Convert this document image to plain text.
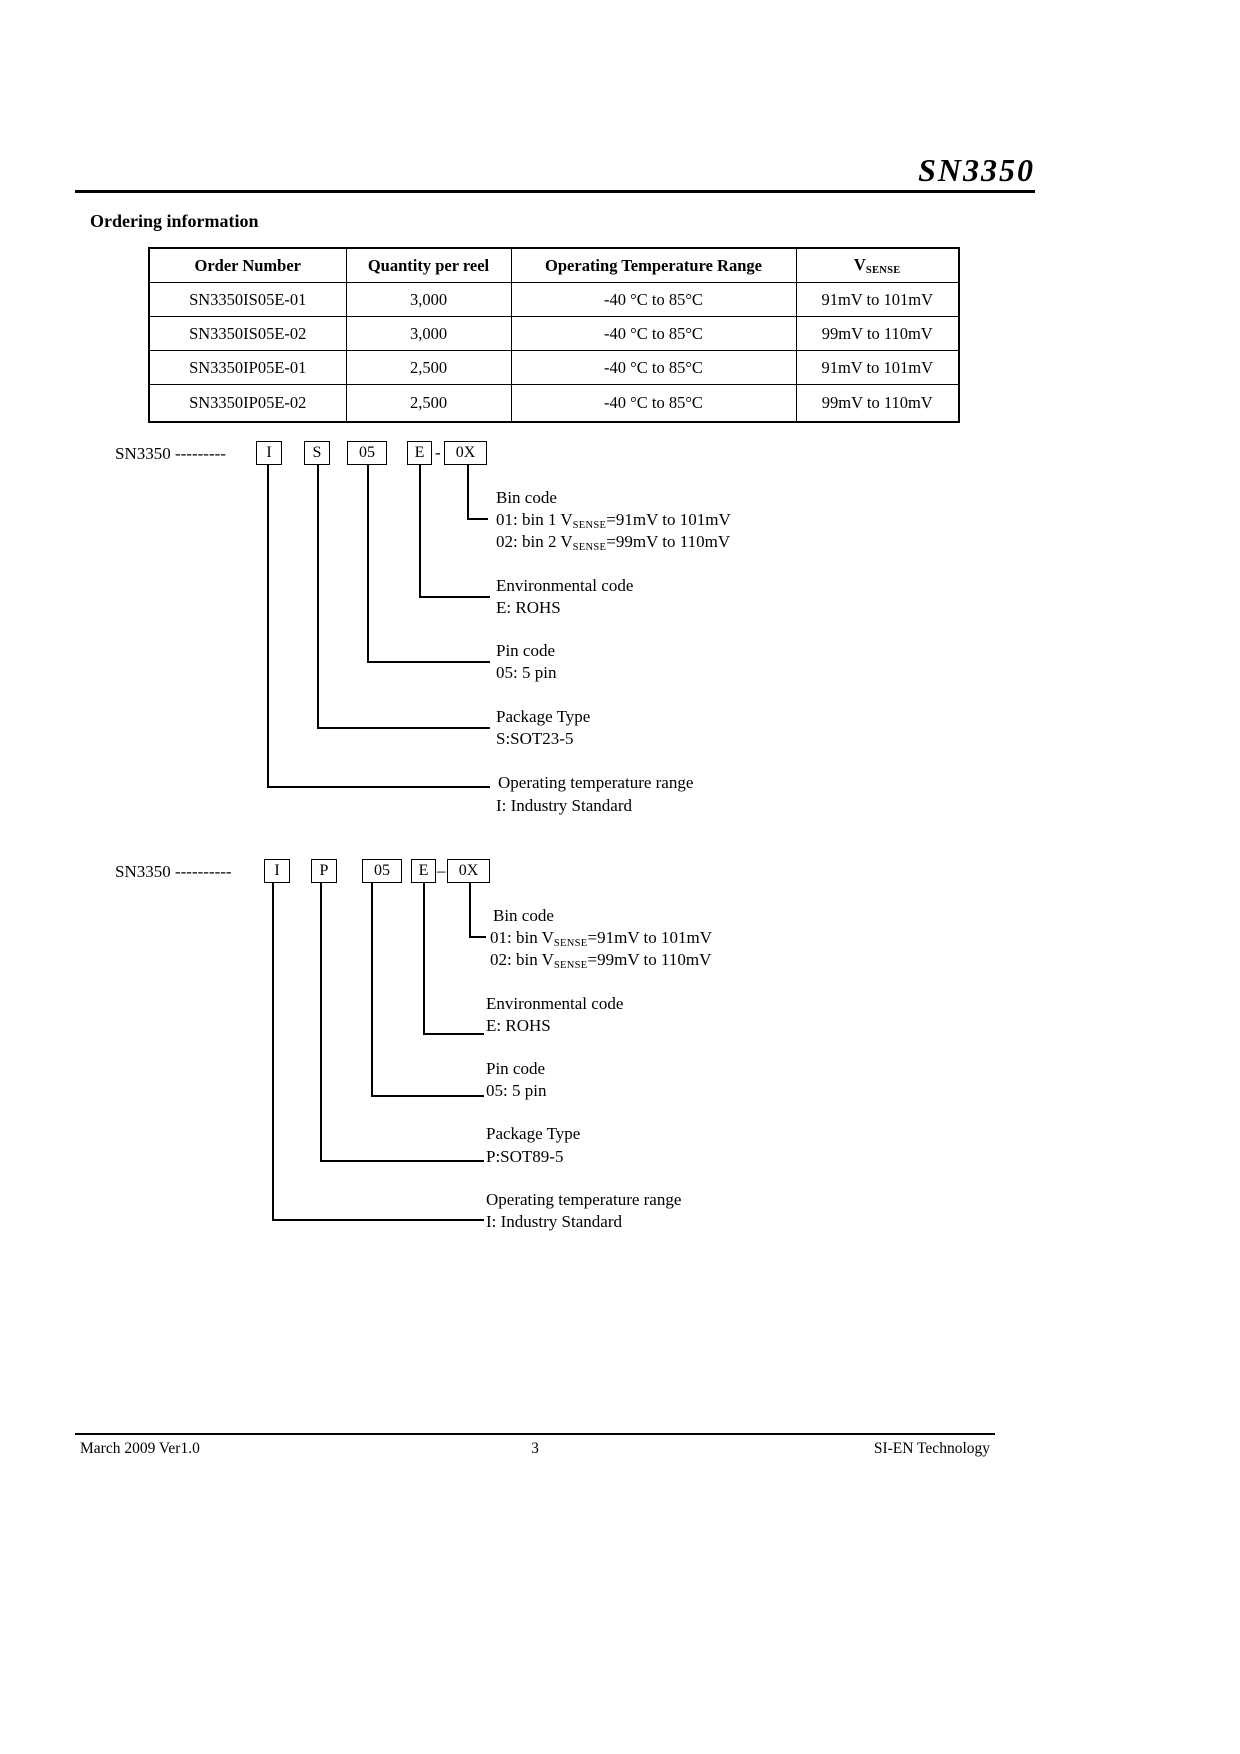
SN3350
Ordering information
Order Number	Quantity per reel	Operating Temperature Range	$V_{SENSE}$
SN3350IS05E-01	3,000	-40 °C to 85°C	91mV to 101mV
SN3350IS05E-02	3,000	-40 °C to 85°C	99mV to 110mV
SN3350IP05E-01	2,500	-40 °C to 85°C	91mV to 101mV
SN3350IP05E-02	2,500	-40 °C to 85°C	99mV to 110mV
SN3350 ---------	I	S	05	E - 0X
Bin code
01: bin 1 $V_{SENSE}=91mV$ to 101mV
02: bin 2 $V_{SENSE}=99mV$ to 110mV
Environmental code
E: ROHS
Pin code
05: 5 pin
Package Type
S:SOT23-5
Operating temperature range
I: Industry Standard
SN3350 ----------	I	P	05	E – 0X
Bin code
01: bin $V_{SENSE}=91mV$ to 101mV
02: bin $V_{SENSE}=99mV$ to 110mV
Environmental code
E: ROHS
Pin code
05: 5 pin
Package Type
P:SOT89-5
Operating temperature range
I: Industry Standard
March 2009 Ver1.0	3	SI-EN Technology
